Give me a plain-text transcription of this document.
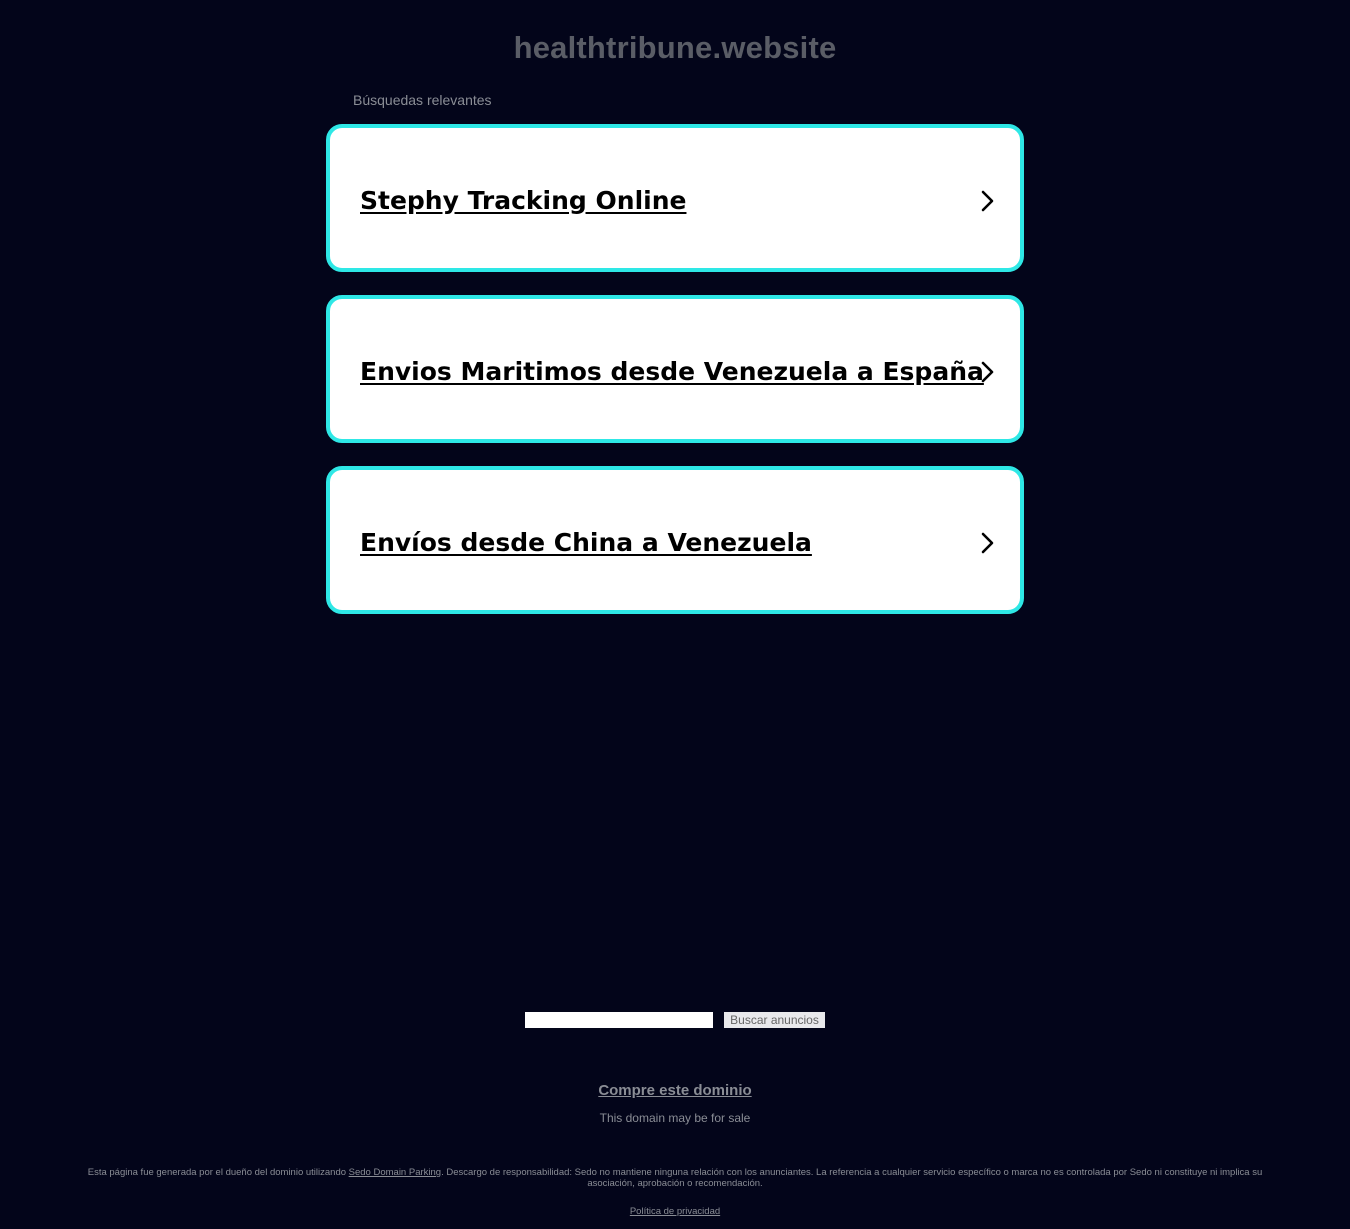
healthtribune.website
Búsquedas relevantes
Stephy Tracking Online
Envios Maritimos desde Venezuela a España
Envíos desde China a Venezuela
Buscar anuncios
Compre este dominio
This domain may be for sale
Esta página fue generada por el dueño del dominio utilizando Sedo Domain Parking. Descargo de responsabilidad: Sedo no mantiene ninguna relación con los anunciantes. La referencia a cualquier servicio específico o marca no es controlada por Sedo ni constituye ni implica su asociación, aprobación o recomendación.
Política de privacidad
